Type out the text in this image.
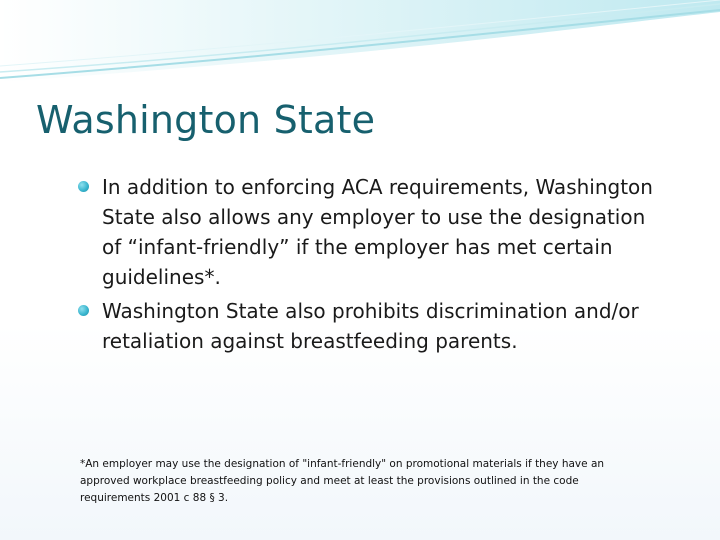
Washington State
In addition to enforcing ACA requirements, Washington State also allows any employer to use the designation of “infant-friendly” if the employer has met certain guidelines*.
Washington State also prohibits discrimination and/or retaliation against breastfeeding parents.

*An employer may use the designation of "infant-friendly" on promotional materials if they have an approved workplace breastfeeding policy and meet at least the provisions outlined in the code requirements 2001 c 88 § 3.
